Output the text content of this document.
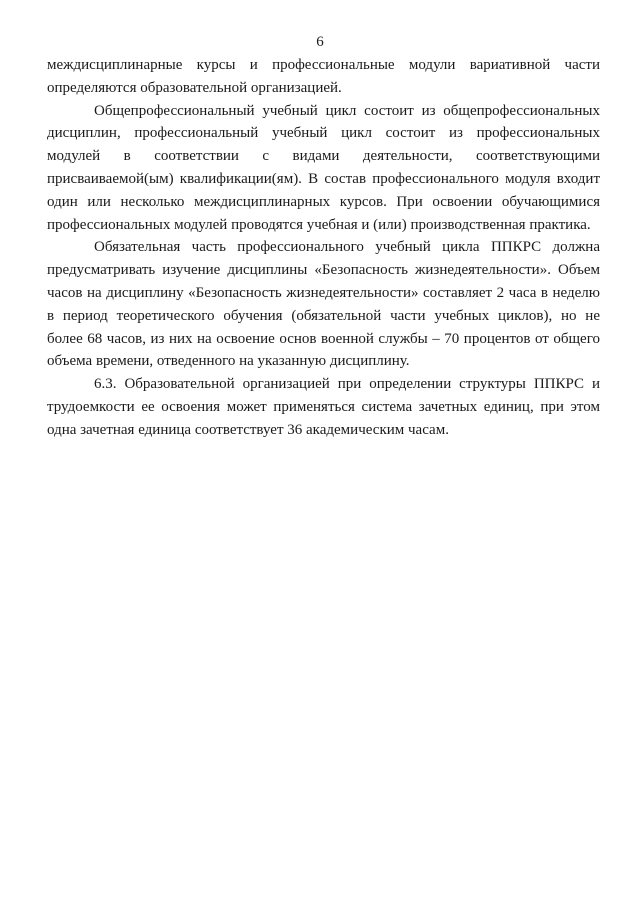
6
междисциплинарные курсы и профессиональные модули вариативной части
определяются образовательной организацией.
Общепрофессиональный учебный цикл состоит из общепрофессиональных
дисциплин, профессиональный учебный цикл состоит из профессиональных
модулей в соответствии с видами деятельности, соответствующими
присваиваемой(ым) квалификации(ям). В состав профессионального модуля входит
один или несколько междисциплинарных курсов. При освоении обучающимися
профессиональных модулей проводятся учебная и (или) производственная практика.
Обязательная часть профессионального учебный цикла ППКРС должна
предусматривать изучение дисциплины «Безопасность жизнедеятельности». Объем
часов на дисциплину «Безопасность жизнедеятельности» составляет 2 часа в неделю
в период теоретического обучения (обязательной части учебных циклов), но не
более 68 часов, из них на освоение основ военной службы – 70 процентов от общего
объема времени, отведенного на указанную дисциплину.
6.3. Образовательной организацией при определении структуры ППКРС и
трудоемкости ее освоения может применяться система зачетных единиц, при этом
одна зачетная единица соответствует 36 академическим часам.
